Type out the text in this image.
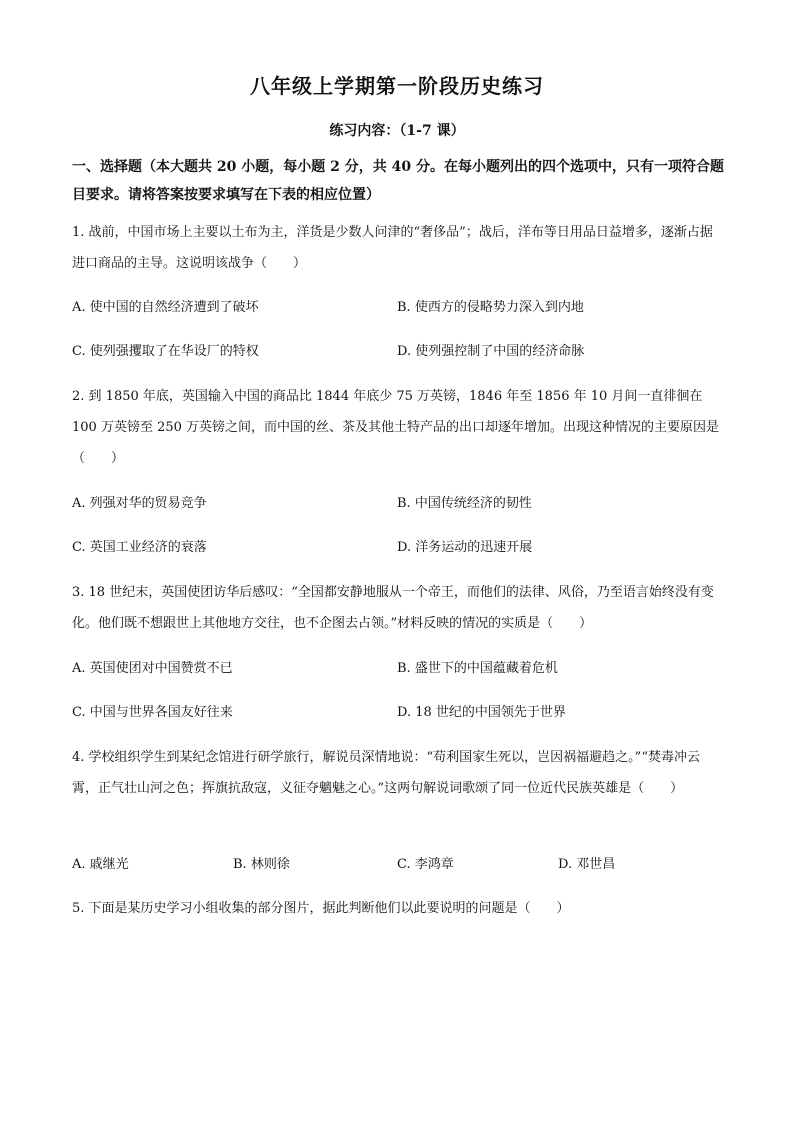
八年级上学期第一阶段历史练习
练习内容：（1-7 课）
一、选择题（本大题共 20 小题，每小题 2 分，共 40 分。在每小题列出的四个选项中，只有一项符合题目要求。请将答案按要求填写在下表的相应位置）
1. 战前，中国市场上主要以土布为主，洋货是少数人问津的“奢侈品”；战后，洋布等日用品日益增多，逐渐占据进口商品的主导。这说明该战争（　　）
A. 使中国的自然经济遭到了破坏	B. 使西方的侵略势力深入到内地
C. 使列强攫取了在华设厂的特权	D. 使列强控制了中国的经济命脉
2. 到 1850 年底，英国输入中国的商品比 1844 年底少 75 万英镑，1846 年至 1856 年 10 月间一直徘徊在 100 万英镑至 250 万英镑之间，而中国的丝、茶及其他土特产品的出口却逐年增加。出现这种情况的主要原因是（　　）
A. 列强对华的贸易竞争	B. 中国传统经济的韧性
C. 英国工业经济的衰落	D. 洋务运动的迅速开展
3. 18 世纪末，英国使团访华后感叹：“全国都安静地服从一个帝王，而他们的法律、风俗，乃至语言始终没有变化。他们既不想跟世上其他地方交往，也不企图去占领。”材料反映的情况的实质是（　　）
A. 英国使团对中国赞赏不已	B. 盛世下的中国蕴藏着危机
C. 中国与世界各国友好往来	D. 18 世纪的中国领先于世界
4. 学校组织学生到某纪念馆进行研学旅行，解说员深情地说：“苟利国家生死以，岂因祸福避趋之。”“焚毒冲云霄，正气壮山河之色；挥旗抗敌寇，义征夺魑魅之心。”这两句解说词歌颂了同一位近代民族英雄是（　　）
A. 戚继光	B. 林则徐	C. 李鸿章	D. 邓世昌
5. 下面是某历史学习小组收集的部分图片，据此判断他们以此要说明的问题是（　　）
